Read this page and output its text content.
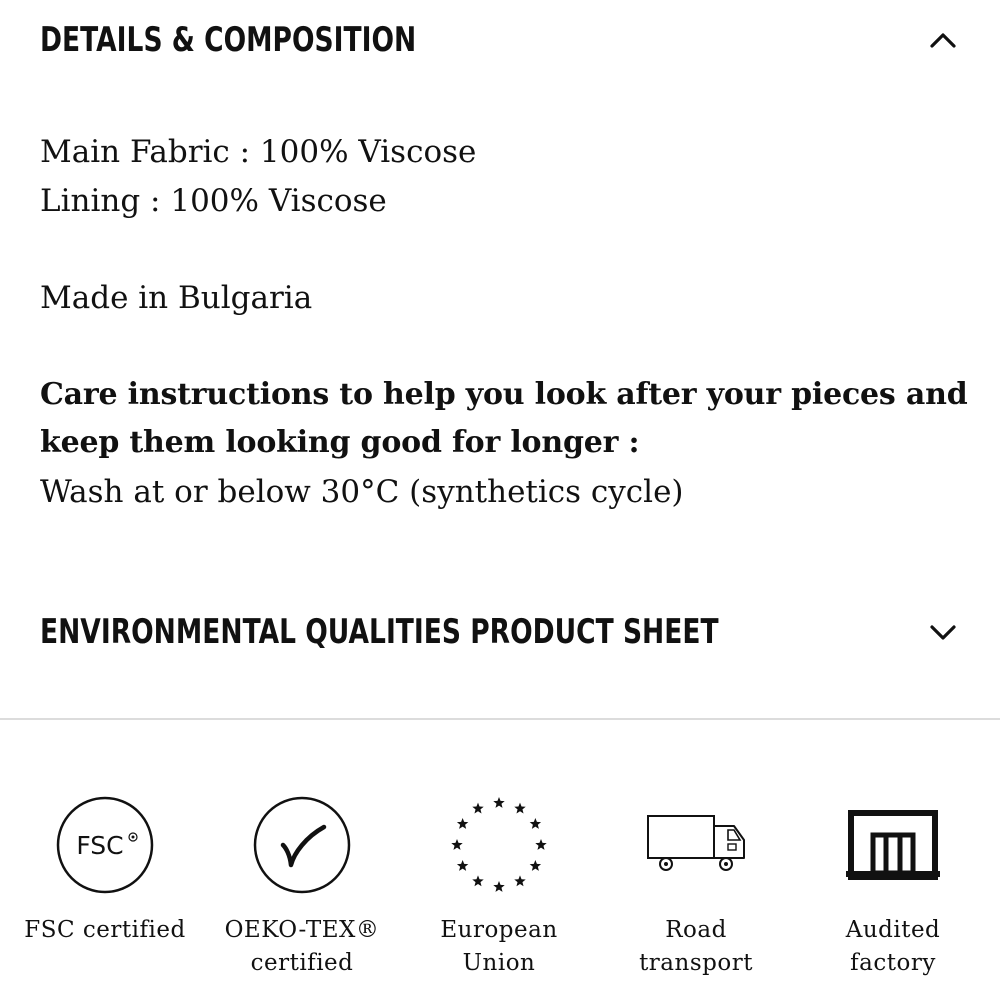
DETAILS & COMPOSITION

Main Fabric : 100% Viscose

Lining : 100% Viscose

Made in Bulgaria

Care instructions to help you look after your pieces and

keep them looking good for longer :

Wash at or below 30°C (synthetics cycle)

ENVIRONMENTAL QUALITIES PRODUCT SHEET
FSC
FSC certified OEKO-TEX®
certified
European
Union
Road
transport
Audited
factory
